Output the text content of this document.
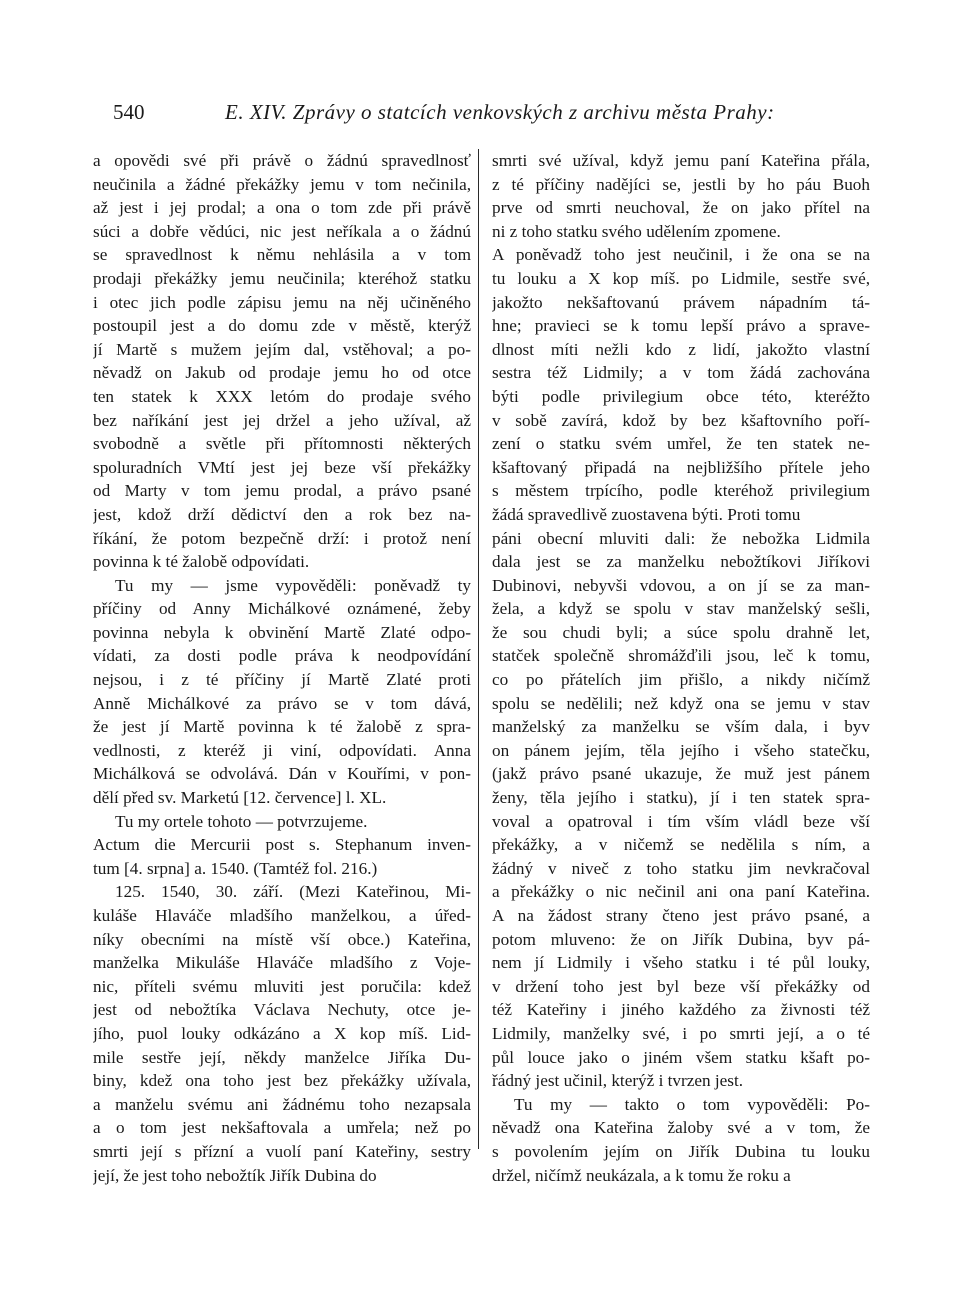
540	E. XIV. Zprávy o statcích venkovských z archivu města Prahy:
a opovědi své při právě o žádnú spravedlnosť
neučinila a žádné překážky jemu v tom nečinila,
až jest i jej prodal; a ona o tom zde při právě
súci a dobře vědúci, nic jest neříkala a o žádnú
se spravedlnost k němu nehlásila a v tom
prodaji překážky jemu neučinila; kteréhož statku
i otec jich podle zápisu jemu na něj učiněného
postoupil jest a do domu zde v městě, kterýž
jí Martě s mužem jejím dal, vstěhoval; a po-
něvadž on Jakub od prodaje jemu ho od otce
ten statek k XXX letóm do prodaje svého
bez naříkání jest jej držel a jeho užíval, až
svobodně a světle při přítomnosti některých
spoluradních VMtí jest jej beze vší překážky
od Marty v tom jemu prodal, a právo psané
jest, kdož drží dědictví den a rok bez na-
říkání, že potom bezpečně drží: i protož není
povinna k té žalobě odpovídati.
Tu my — jsme vypověděli: poněvadž ty
příčiny od Anny Michálkové oznámené, žeby
povinna nebyla k obvinění Martě Zlaté odpo-
vídati, za dosti podle práva k neodpovídání
nejsou, i z té příčiny jí Martě Zlaté proti
Anně Michálkové za právo se v tom dává,
že jest jí Martě povinna k té žalobě z spra-
vedlnosti, z kteréž ji viní, odpovídati. Anna
Michálková se odvolává. Dán v Kouřími, v pon-
dělí před sv. Marketú [12. července] l. XL.
Tu my ortele tohoto — potvrzujeme.
Actum die Mercurii post s. Stephanum inven-
tum [4. srpna] a. 1540. (Tamtéž fol. 216.)
125. 1540, 30. září. (Mezi Kateřinou, Mi-
kuláše Hlaváče mladšího manželkou, a úřed-
níky obecními na místě vší obce.) Kateřina,
manželka Mikuláše Hlaváče mladšího z Voje-
nic, příteli svému mluviti jest poručila: kdež
jest od nebožtíka Václava Nechuty, otce je-
jího, puol louky odkázáno a X kop míš. Lid-
mile sestře její, někdy manželce Jiříka Du-
biny, kdež ona toho jest bez překážky užívala,
a manželu svému ani žádnému toho nezapsala
a o tom jest nekšaftovala a umřela; než po
smrti její s přízní a vuolí paní Kateřiny, sestry
její, že jest toho nebožtík Jiřík Dubina do
smrti své užíval, když jemu paní Kateřina přála,
z té příčiny nadějíci se, jestli by ho páu Buoh
prve od smrti neuchoval, že on jako přítel na
ni z toho statku svého udělením zpomene.
A poněvadž toho jest neučinil, i že ona se na
tu louku a X kop míš. po Lidmile, sestře své,
jakožto nekšaftovanú právem nápadním tá-
hne; pravieci se k tomu lepší právo a sprave-
dlnost míti nežli kdo z lidí, jakožto vlastní
sestra též Lidmily; a v tom žádá zachována
býti podle privilegium obce této, kteréžto
v sobě zavírá, kdož by bez kšaftovního poří-
zení o statku svém umřel, že ten statek ne-
kšaftovaný připadá na nejbližšího přítele jeho
s městem trpícího, podle kteréhož privilegium
žádá spravedlivě zuostavena býti. Proti tomu
páni obecní mluviti dali: že nebožka Lidmila
dala jest se za manželku nebožtíkovi Jiříkovi
Dubinovi, nebyvši vdovou, a on jí se za man-
žela, a když se spolu v stav manželský sešli,
že sou chudi byli; a súce spolu drahně let,
statček společně shromážďili jsou, leč k tomu,
co po přátelích jim přišlo, a nikdy ničímž
spolu se nedělili; než když ona se jemu v stav
manželský za manželku se vším dala, i byv
on pánem jejím, těla jejího i všeho statečku,
(jakž právo psané ukazuje, že muž jest pánem
ženy, těla jejího i statku), jí i ten statek spra-
voval a opatroval i tím vším vládl beze vší
překážky, a v ničemž se nedělila s ním, a
žádný v niveč z toho statku jim nevkračoval
a překážky o nic nečinil ani ona paní Kateřina.
A na žádost strany čteno jest právo psané, a
potom mluveno: že on Jiřík Dubina, byv pá-
nem jí Lidmily i všeho statku i té půl louky,
v držení toho jest byl beze vší překážky od
též Kateřiny i jiného každého za živnosti též
Lidmily, manželky své, i po smrti její, a o té
půl louce jako o jiném všem statku kšaft po-
řádný jest učinil, kterýž i tvrzen jest.
Tu my — takto o tom vypověděli: Po-
něvadž ona Kateřina žaloby své a v tom, že
s povolením jejím on Jiřík Dubina tu louku
držel, ničímž neukázala, a k tomu že roku a
